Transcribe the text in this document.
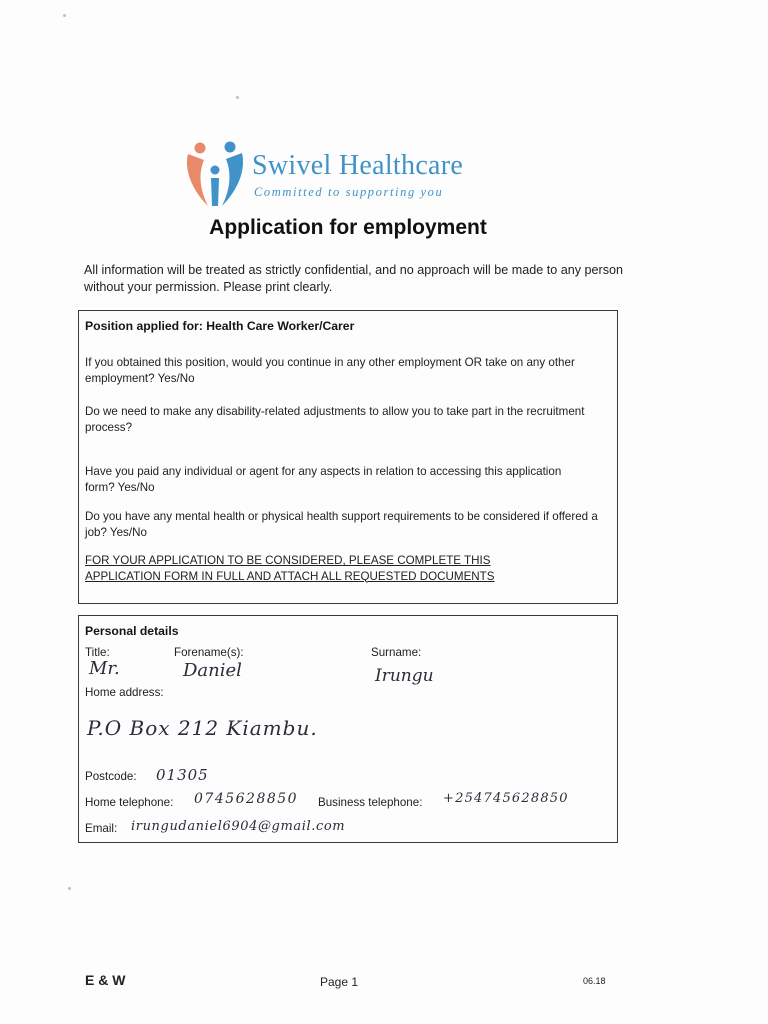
Swivel Healthcare
Committed to supporting you
Application for employment
All information will be treated as strictly confidential, and no approach will be made to any person without your permission. Please print clearly.
Position applied for: Health Care Worker/Carer
If you obtained this position, would you continue in any other employment OR take on any other employment? Yes/No
Do we need to make any disability-related adjustments to allow you to take part in the recruitment process?
Have you paid any individual or agent for any aspects in relation to accessing this application form? Yes/No
Do you have any mental health or physical health support requirements to be considered if offered a job? Yes/No
FOR YOUR APPLICATION TO BE CONSIDERED, PLEASE COMPLETE THIS APPLICATION FORM IN FULL AND ATTACH ALL REQUESTED DOCUMENTS
Personal details
Title:
Mr.
Forename(s):
Daniel
Surname:
Irungu
Home address:
P.O Box 212 Kiambu.
Postcode: 01305
Home telephone: 0745628850 Business telephone: +254745628850
Email: irungudaniel6904@gmail.com
E & W	Page 1	06.18
